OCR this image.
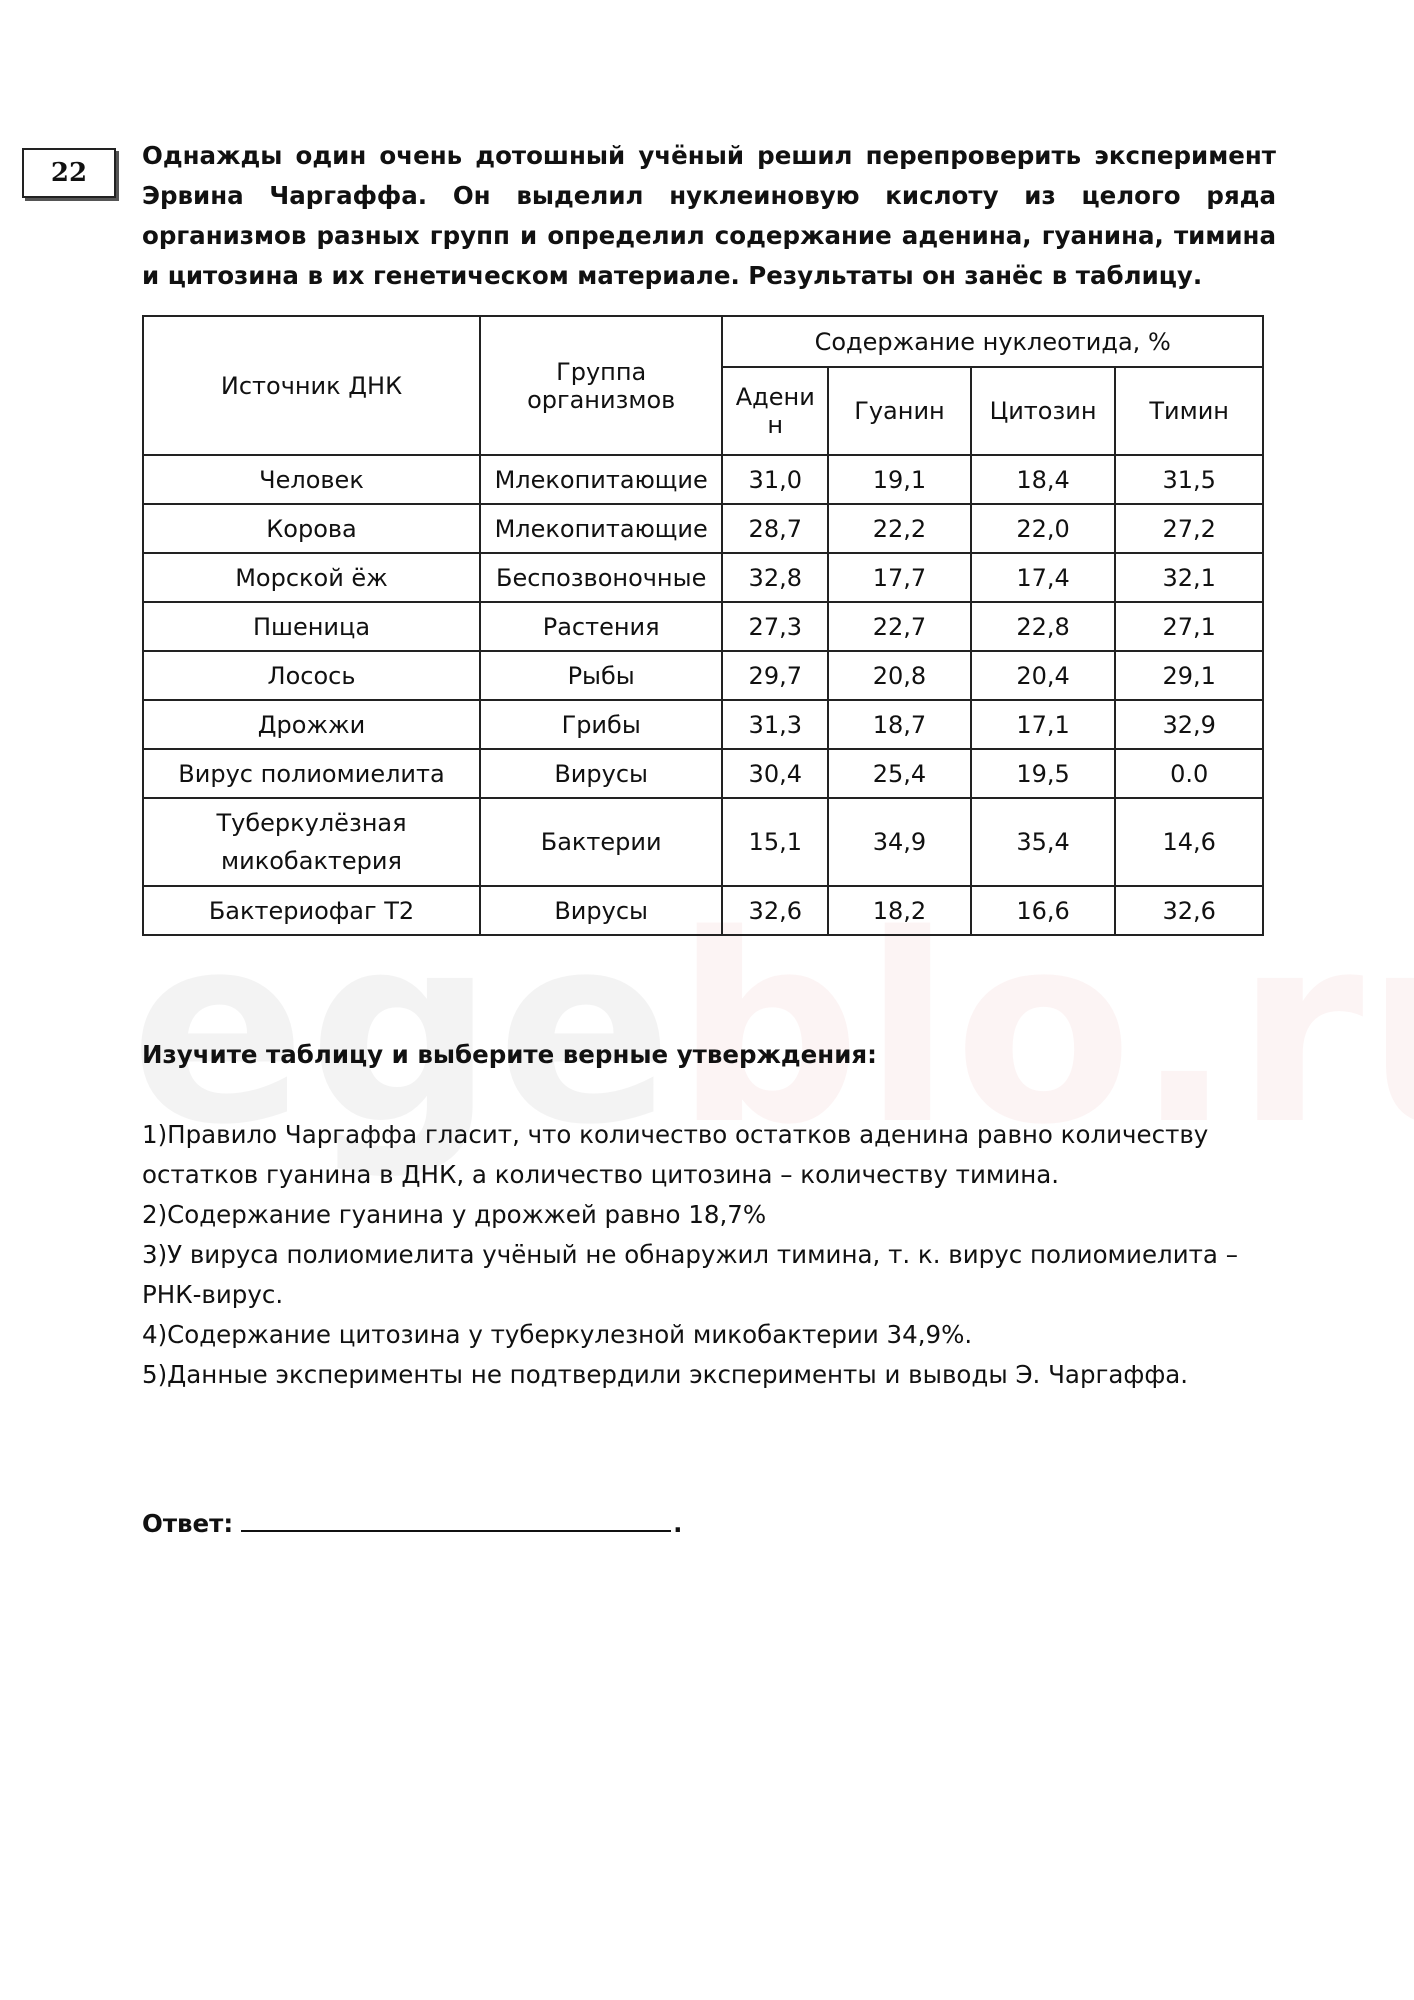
22

Однажды один очень дотошный учёный решил перепроверить эксперимент Эрвина Чаргаффа. Он выделил нуклеиновую кислоту из целого ряда организмов разных групп и определил содержание аденина, гуанина, тимина и цитозина в их генетическом материале. Результаты он занёс в таблицу.

Источник ДНК	Группа организмов	Содержание нуклеотида, %			
		Адени н	Гуанин	Цитозин	Тимин
Человек	Млекопитающие	31,0	19,1	18,4	31,5
Корова	Млекопитающие	28,7	22,2	22,0	27,2
Морской ёж	Беспозвоночные	32,8	17,7	17,4	32,1
Пшеница	Растения	27,3	22,7	22,8	27,1
Лосось	Рыбы	29,7	20,8	20,4	29,1
Дрожжи	Грибы	31,3	18,7	17,1	32,9
Вирус полиомиелита	Вирусы	30,4	25,4	19,5	0.0
Туберкулёзная микобактерия	Бактерии	15,1	34,9	35,4	14,6
Бактериофаг Т2	Вирусы	32,6	18,2	16,6	32,6

Изучите таблицу и выберите верные утверждения:

1)Правило Чаргаффа гласит, что количество остатков аденина равно количеству остатков гуанина в ДНК, а количество цитозина – количеству тимина.
2)Содержание гуанина у дрожжей равно 18,7%
3)У вируса полиомиелита учёный не обнаружил тимина, т. к. вирус полиомиелита – РНК-вирус.
4)Содержание цитозина у туберкулезной микобактерии 34,9%.
5)Данные эксперименты не подтвердили эксперименты и выводы Э. Чаргаффа.

Ответ:	.
